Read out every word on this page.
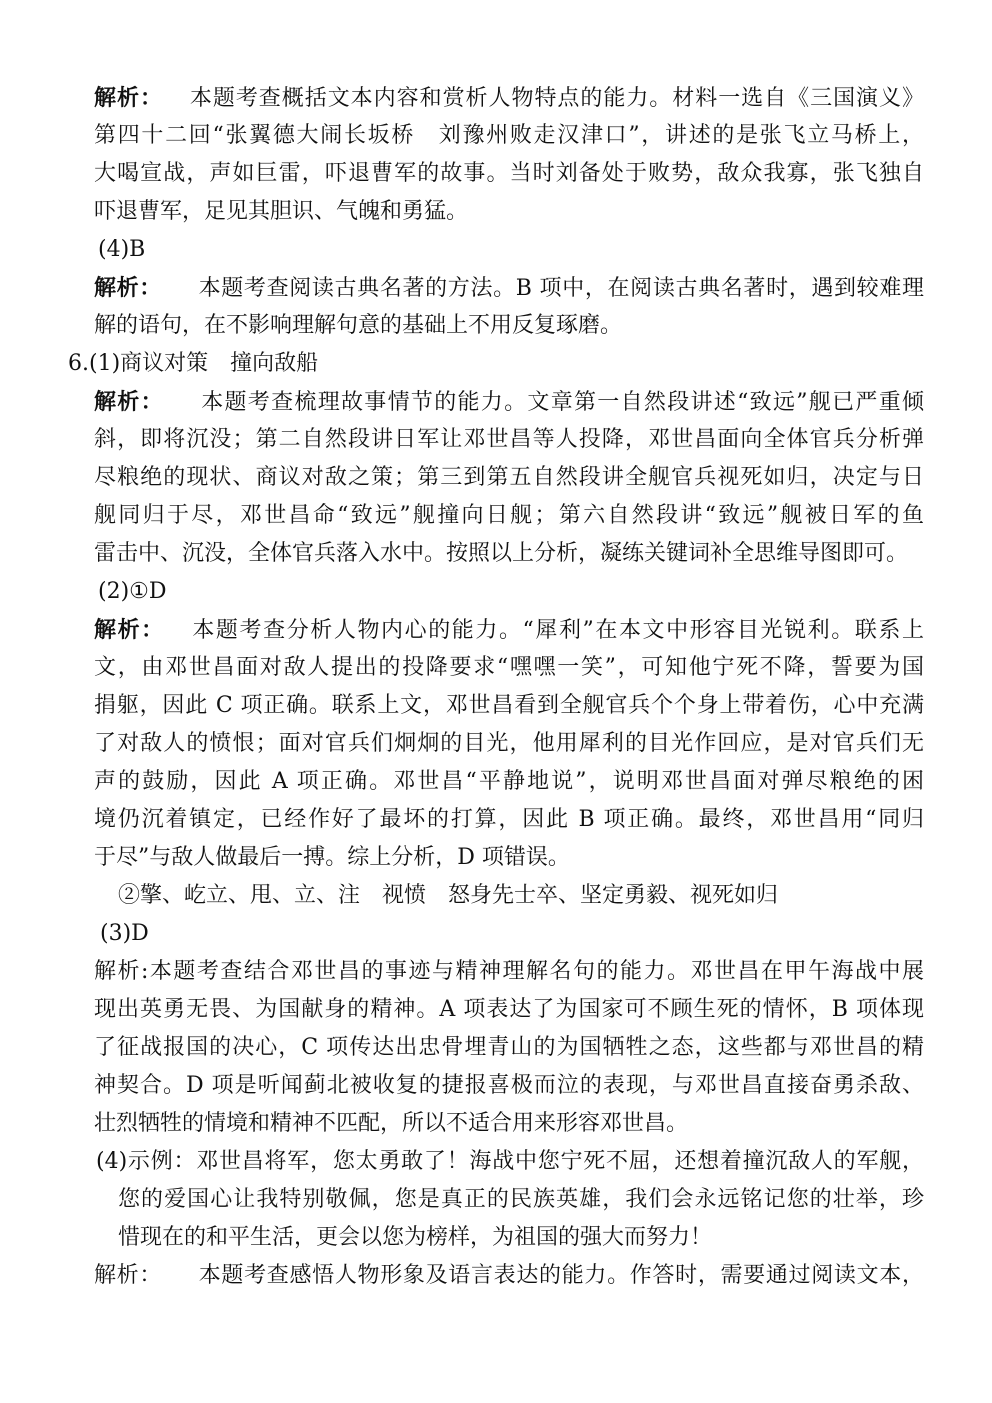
解析： 本题考查概括文本内容和赏析人物特点的能力。材料一选自《三国演义》
第四十二回“张翼德大闹长坂桥　刘豫州败走汉津口”，讲述的是张飞立马桥上，
大喝宣战，声如巨雷，吓退曹军的故事。当时刘备处于败势，敌众我寡，张飞独自
吓退曹军，足见其胆识、气魄和勇猛。
(4)B
解析： 本题考查阅读古典名著的方法。B 项中，在阅读古典名著时，遇到较难理
解的语句，在不影响理解句意的基础上不用反复琢磨。
6.(1)商议对策　撞向敌船
解析： 本题考查梳理故事情节的能力。文章第一自然段讲述“致远”舰已严重倾
斜，即将沉没；第二自然段讲日军让邓世昌等人投降，邓世昌面向全体官兵分析弹
尽粮绝的现状、商议对敌之策；第三到第五自然段讲全舰官兵视死如归，决定与日
舰同归于尽，邓世昌命“致远”舰撞向日舰；第六自然段讲“致远”舰被日军的鱼
雷击中、沉没，全体官兵落入水中。按照以上分析，凝练关键词补全思维导图即可。
(2)①D
解析： 本题考查分析人物内心的能力。“犀利”在本文中形容目光锐利。联系上
文，由邓世昌面对敌人提出的投降要求“嘿嘿一笑”，可知他宁死不降，誓要为国
捐躯，因此 C 项正确。联系上文，邓世昌看到全舰官兵个个身上带着伤，心中充满
了对敌人的愤恨；面对官兵们炯炯的目光，他用犀利的目光作回应，是对官兵们无
声的鼓励，因此 A 项正确。邓世昌“平静地说”，说明邓世昌面对弹尽粮绝的困
境仍沉着镇定，已经作好了最坏的打算，因此 B 项正确。最终，邓世昌用“同归
于尽”与敌人做最后一搏。综上分析，D 项错误。
②擎、屹立、甩、立、注　视愤　怒身先士卒、坚定勇毅、视死如归
(3)D
解析:本题考查结合邓世昌的事迹与精神理解名句的能力。邓世昌在甲午海战中展
现出英勇无畏、为国献身的精神。A 项表达了为国家可不顾生死的情怀，B 项体现
了征战报国的决心，C 项传达出忠骨埋青山的为国牺牲之态，这些都与邓世昌的精
神契合。D 项是听闻蓟北被收复的捷报喜极而泣的表现，与邓世昌直接奋勇杀敌、
壮烈牺牲的情境和精神不匹配，所以不适合用来形容邓世昌。
(4)示例：邓世昌将军，您太勇敢了！海战中您宁死不屈，还想着撞沉敌人的军舰，
您的爱国心让我特别敬佩，您是真正的民族英雄，我们会永远铭记您的壮举，珍
惜现在的和平生活，更会以您为榜样，为祖国的强大而努力！
解析： 本题考查感悟人物形象及语言表达的能力。作答时，需要通过阅读文本，
